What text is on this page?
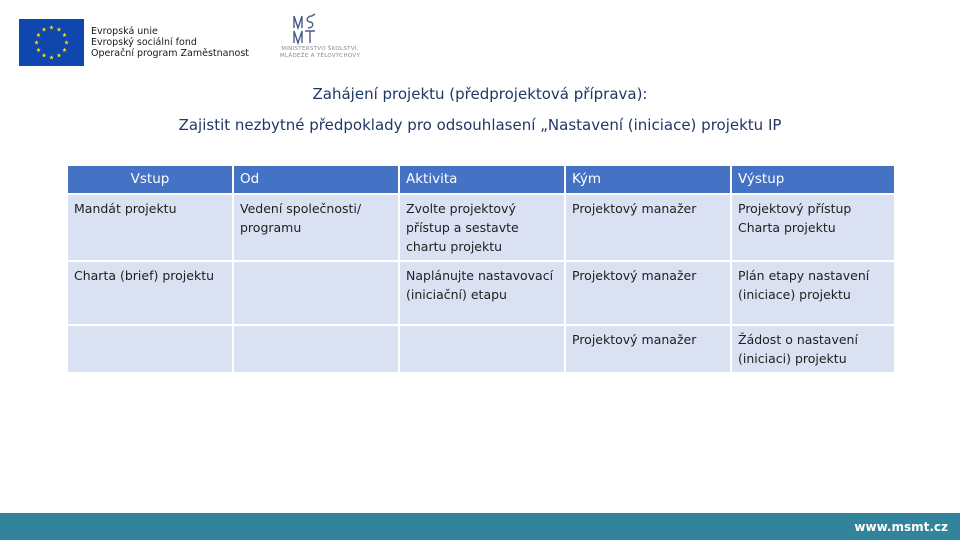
Evropská unie
Evropský sociální fond
Operační program Zaměstnanost	MINISTERSTVO ŠKOLSTVÍ,
MLÁDEŽE A TĚLOVÝCHOVY
Zahájení projektu (předprojektová příprava):
Zajistit nezbytné předpoklady pro odsouhlasení „Nastavení (iniciace) projektu IP
Vstup	Od	Aktivita	Kým	Výstup
Mandát projektu	Vedení společnosti/ programu	Zvolte projektový přístup a sestavte chartu projektu	Projektový manažer	Projektový přístup
Charta projektu

Charta (brief) projektu		Naplánujte nastavovací (iniciační) etapu	Projektový manažer	Plán etapy nastavení (iniciace) projektu

			Projektový manažer	Žádost o nastavení (iniciaci) projektu
www.msmt.cz
